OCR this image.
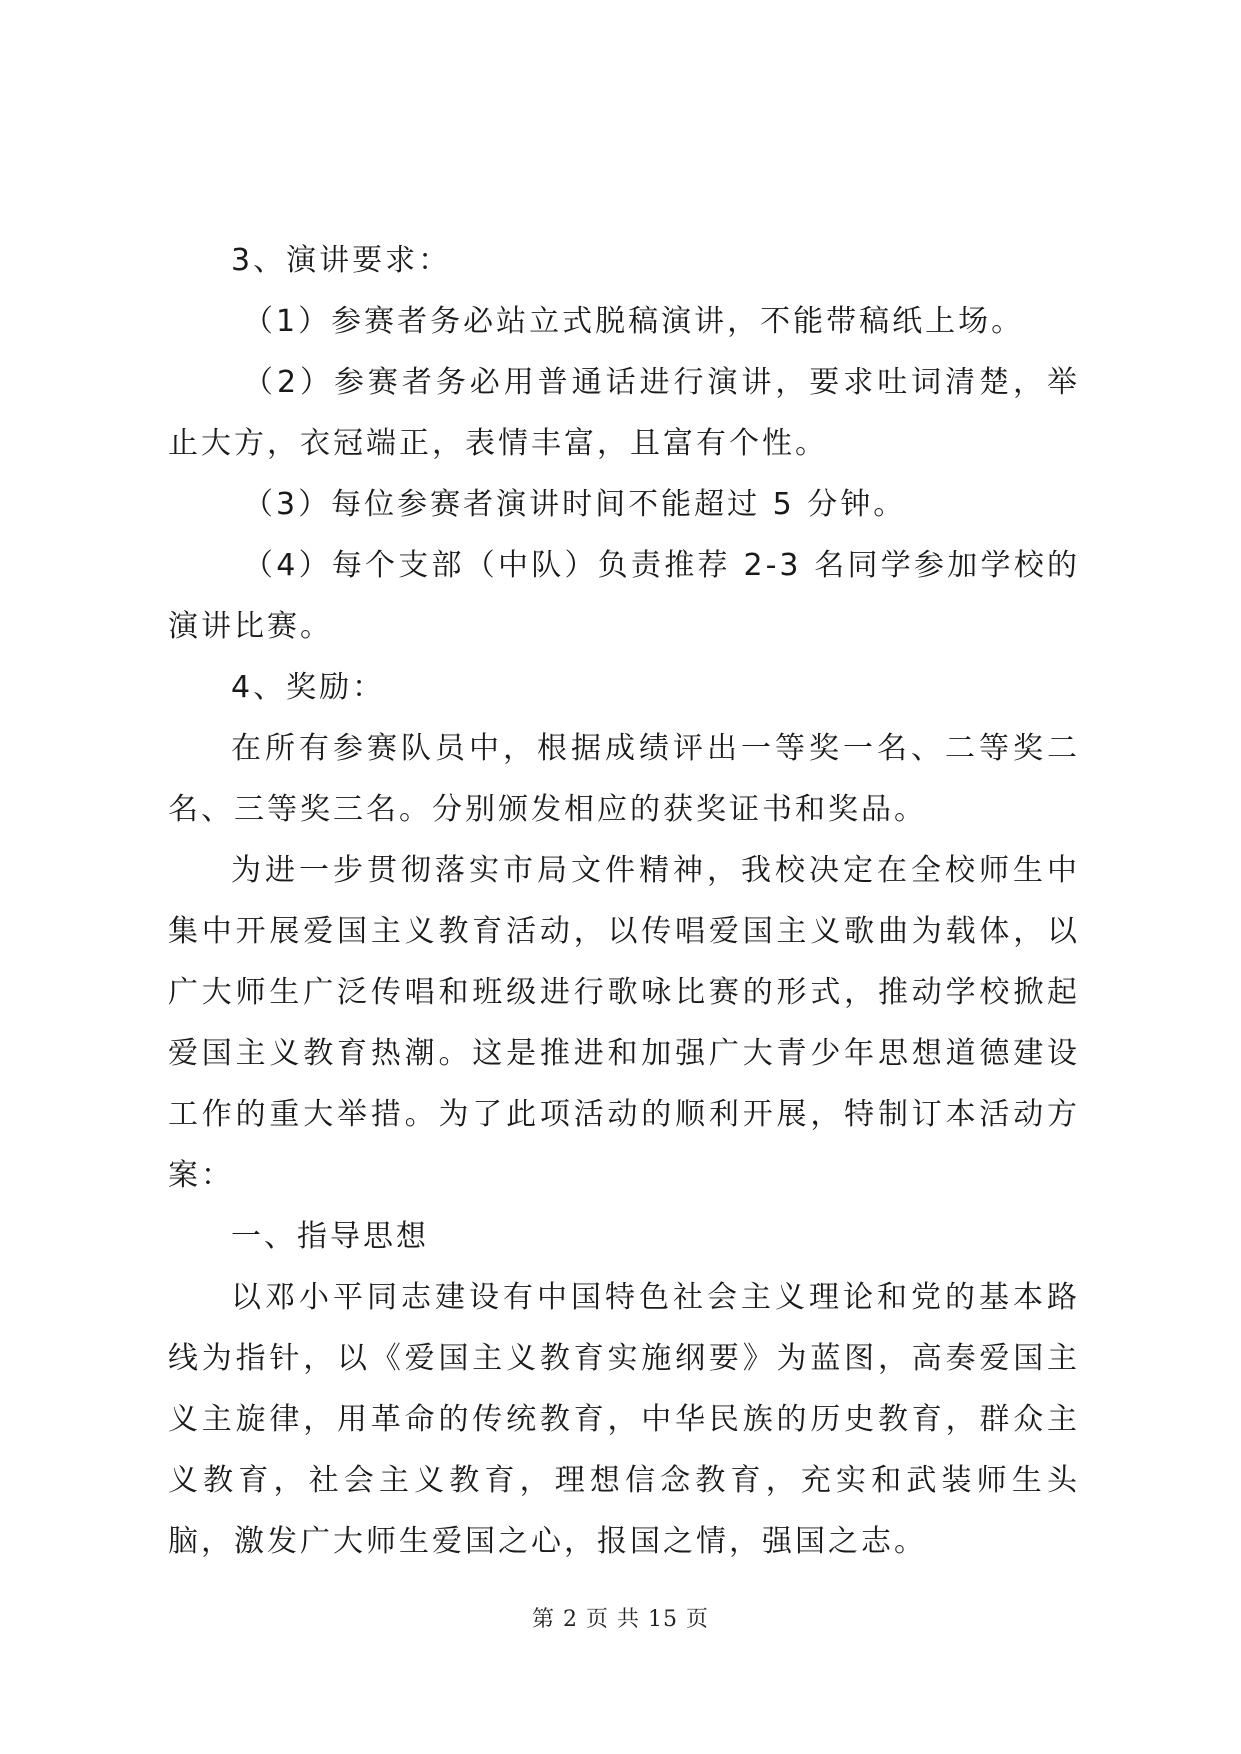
3、演讲要求：

（1）参赛者务必站立式脱稿演讲，不能带稿纸上场。

（2）参赛者务必用普通话进行演讲，要求吐词清楚，举止大方，衣冠端正，表情丰富，且富有个性。

（3）每位参赛者演讲时间不能超过 5 分钟。

（4）每个支部（中队）负责推荐 2-3 名同学参加学校的演讲比赛。

4、奖励：

在所有参赛队员中，根据成绩评出一等奖一名、二等奖二名、三等奖三名。分别颁发相应的获奖证书和奖品。

为进一步贯彻落实市局文件精神，我校决定在全校师生中集中开展爱国主义教育活动，以传唱爱国主义歌曲为载体，以广大师生广泛传唱和班级进行歌咏比赛的形式，推动学校掀起爱国主义教育热潮。这是推进和加强广大青少年思想道德建设工作的重大举措。为了此项活动的顺利开展，特制订本活动方案：

一、指导思想

以邓小平同志建设有中国特色社会主义理论和党的基本路线为指针，以《爱国主义教育实施纲要》为蓝图，高奏爱国主义主旋律，用革命的传统教育，中华民族的历史教育，群众主义教育，社会主义教育，理想信念教育，充实和武装师生头脑，激发广大师生爱国之心，报国之情，强国之志。

第 2 页 共 15 页
